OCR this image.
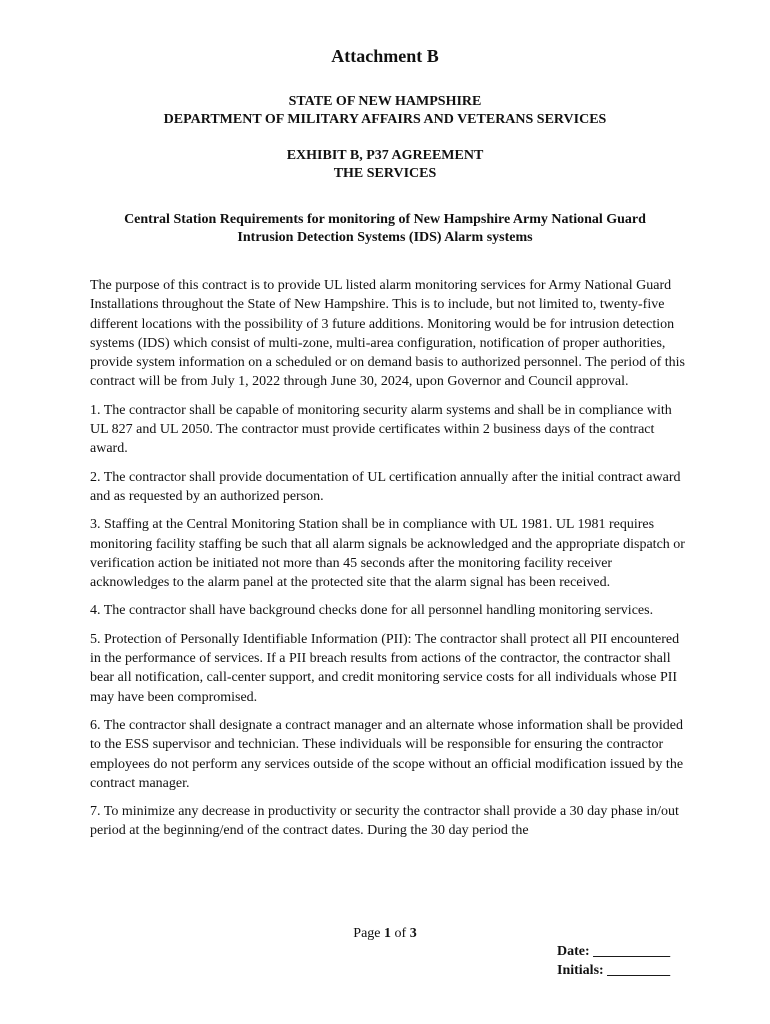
Attachment B
STATE OF NEW HAMPSHIRE
DEPARTMENT OF MILITARY AFFAIRS AND VETERANS SERVICES
EXHIBIT B, P37 AGREEMENT
THE SERVICES
Central Station Requirements for monitoring of New Hampshire Army National Guard
Intrusion Detection Systems (IDS) Alarm systems

The purpose of this contract is to provide UL listed alarm monitoring services for Army National Guard Installations throughout the State of New Hampshire. This is to include, but not limited to, twenty-five different locations with the possibility of 3 future additions. Monitoring would be for intrusion detection systems (IDS) which consist of multi-zone, multi-area configuration, notification of proper authorities, provide system information on a scheduled or on demand basis to authorized personnel. The period of this contract will be from July 1, 2022 through June 30, 2024, upon Governor and Council approval.

1. The contractor shall be capable of monitoring security alarm systems and shall be in compliance with UL 827 and UL 2050. The contractor must provide certificates within 2 business days of the contract award.

2. The contractor shall provide documentation of UL certification annually after the initial contract award and as requested by an authorized person.

3. Staffing at the Central Monitoring Station shall be in compliance with UL 1981. UL 1981 requires monitoring facility staffing be such that all alarm signals be acknowledged and the appropriate dispatch or verification action be initiated not more than 45 seconds after the monitoring facility receiver acknowledges to the alarm panel at the protected site that the alarm signal has been received.

4. The contractor shall have background checks done for all personnel handling monitoring services.

5. Protection of Personally Identifiable Information (PII): The contractor shall protect all PII encountered in the performance of services. If a PII breach results from actions of the contractor, the contractor shall bear all notification, call-center support, and credit monitoring service costs for all individuals whose PII may have been compromised.

6. The contractor shall designate a contract manager and an alternate whose information shall be provided to the ESS supervisor and technician. These individuals will be responsible for ensuring the contractor employees do not perform any services outside of the scope without an official modification issued by the contract manager.

7. To minimize any decrease in productivity or security the contractor shall provide a 30 day phase in/out period at the beginning/end of the contract dates. During the 30 day period the

Page 1 of 3
Date: ___________
Initials: _________
